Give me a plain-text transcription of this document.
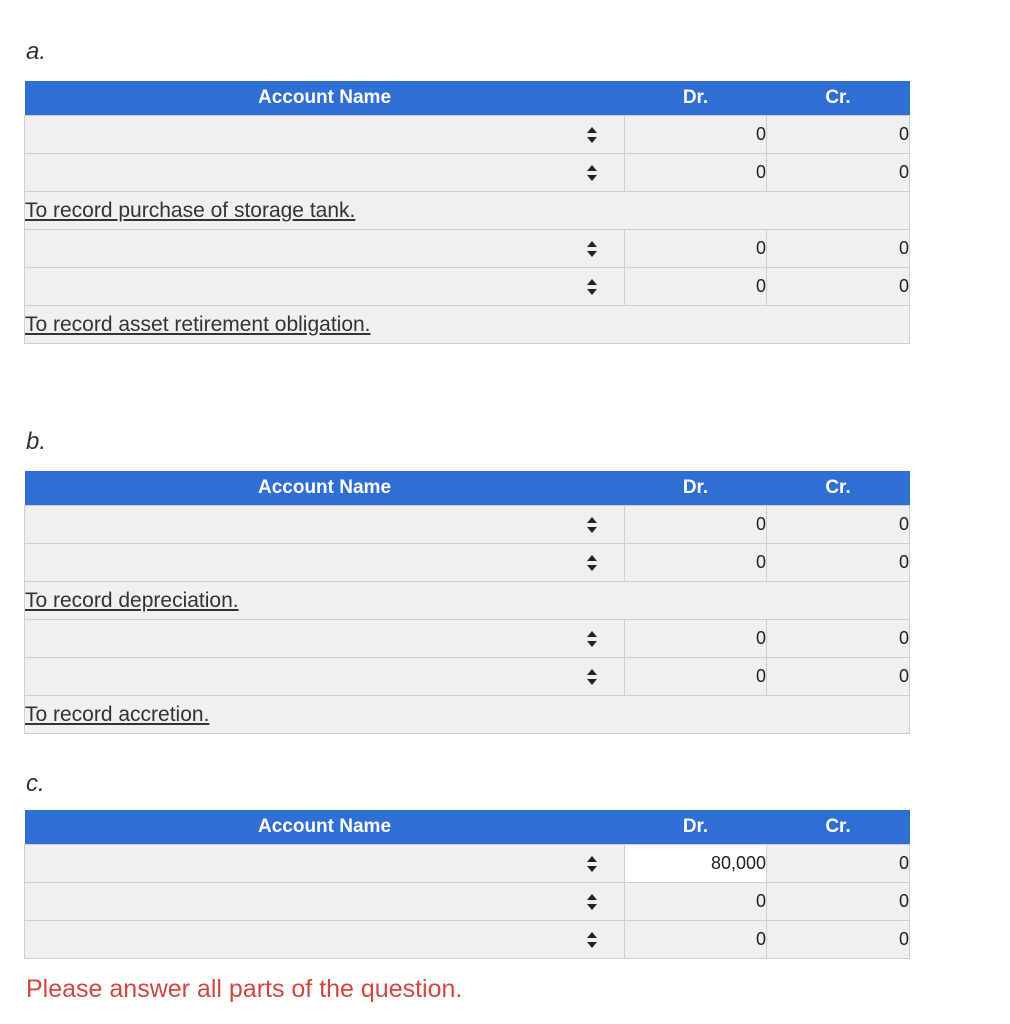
a.
Account Name	Dr.	Cr.

	0	0

	0	0
To record purchase of storage tank.		

	0	0

	0	0
To record asset retirement obligation.		
b.
Account Name	Dr.	Cr.

	0	0

	0	0
To record depreciation.		

	0	0

	0	0
To record accretion.		
c.
Account Name	Dr.	Cr.

	80,000	0

	0	0

	0	0
Please answer all parts of the question.
